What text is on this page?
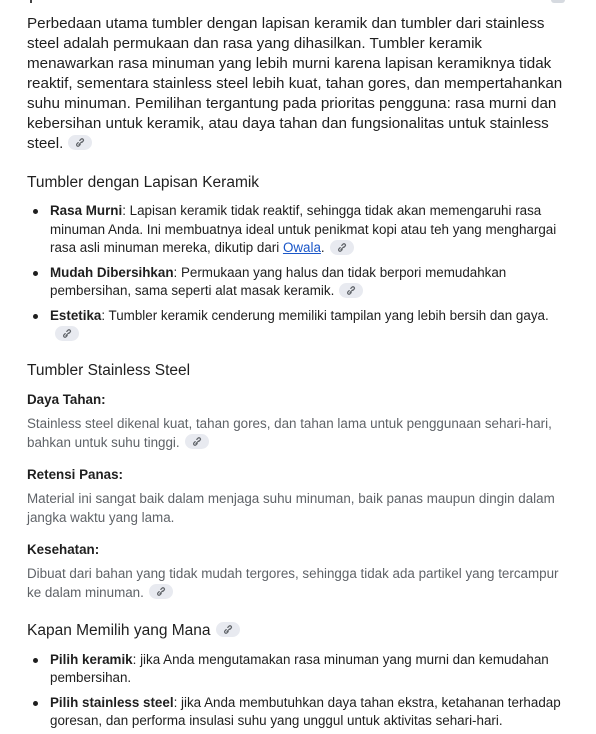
Perbedaan utama tumbler dengan lapisan keramik dan tumbler dari stainless steel adalah permukaan dan rasa yang dihasilkan. Tumbler keramik menawarkan rasa minuman yang lebih murni karena lapisan keramiknya tidak reaktif, sementara stainless steel lebih kuat, tahan gores, dan mempertahankan suhu minuman. Pemilihan tergantung pada prioritas pengguna: rasa murni dan kebersihan untuk keramik, atau daya tahan dan fungsionalitas untuk stainless steel.

Tumbler dengan Lapisan Keramik
Rasa Murni: Lapisan keramik tidak reaktif, sehingga tidak akan memengaruhi rasa minuman Anda. Ini membuatnya ideal untuk penikmat kopi atau teh yang menghargai rasa asli minuman mereka, dikutip dari Owala.
Mudah Dibersihkan: Permukaan yang halus dan tidak berpori memudahkan pembersihan, sama seperti alat masak keramik.
Estetika: Tumbler keramik cenderung memiliki tampilan yang lebih bersih dan gaya.
Tumbler Stainless Steel

Daya Tahan:

Stainless steel dikenal kuat, tahan gores, dan tahan lama untuk penggunaan sehari-hari, bahkan untuk suhu tinggi.

Retensi Panas:

Material ini sangat baik dalam menjaga suhu minuman, baik panas maupun dingin dalam jangka waktu yang lama.

Kesehatan:

Dibuat dari bahan yang tidak mudah tergores, sehingga tidak ada partikel yang tercampur ke dalam minuman.

Kapan Memilih yang Mana
Pilih keramik: jika Anda mengutamakan rasa minuman yang murni dan kemudahan pembersihan.
Pilih stainless steel: jika Anda membutuhkan daya tahan ekstra, ketahanan terhadap goresan, dan performa insulasi suhu yang unggul untuk aktivitas sehari-hari.
